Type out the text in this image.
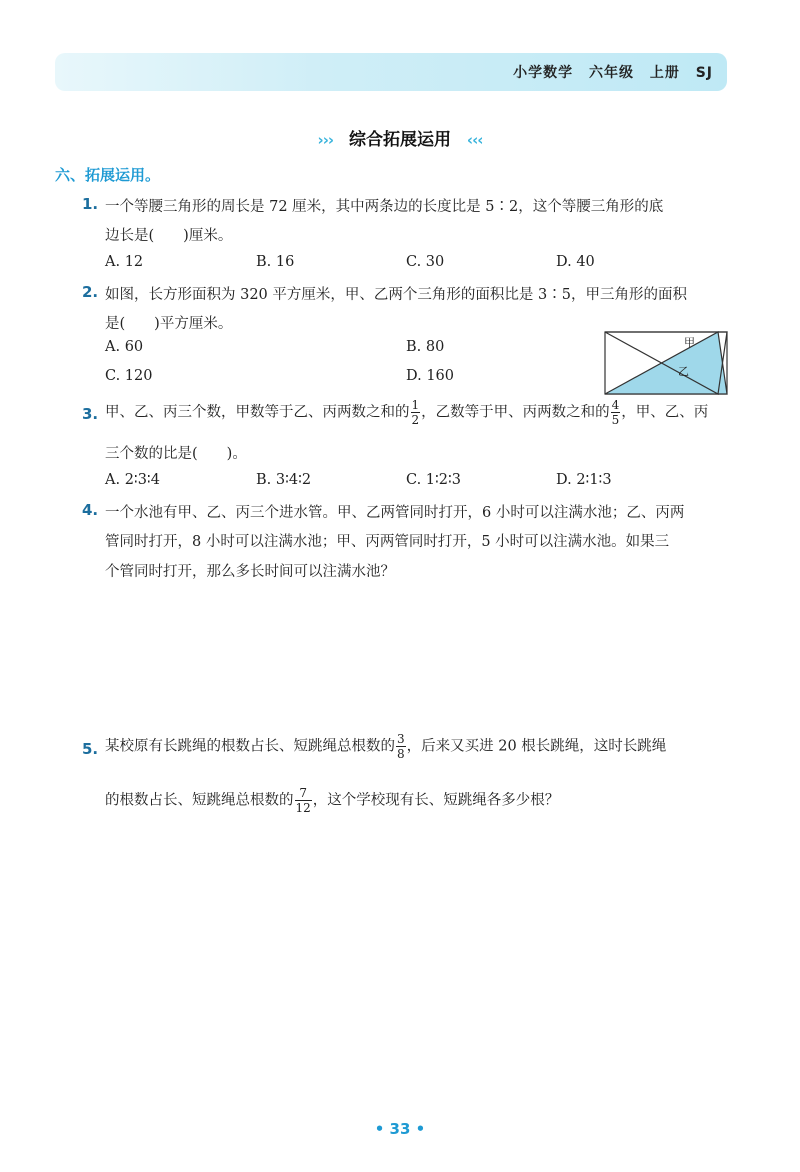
小学数学 六年级 上册 SJ
››› 综合拓展运用 ‹‹‹
六、拓展运用。
1. 一个等腰三角形的周长是 72 厘米，其中两条边的长度比是 5∶2，这个等腰三角形的底
边长是(　　)厘米。
A. 12	B. 16	C. 30	D. 40
2. 如图，长方形面积为 320 平方厘米，甲、乙两个三角形的面积比是 3∶5，甲三角形的面积
是(　　)平方厘米。
A. 60	B. 80
C. 120	D. 160
甲
乙
3. 甲、乙、丙三个数，甲数等于乙、丙两数之和的 $\frac{1}{2}$ ，乙数等于甲、丙两数之和的 $\frac{4}{5}$ ，甲、乙、丙
三个数的比是(　　)。
A. 2∶3∶4	B. 3∶4∶2	C. 1∶2∶3	D. 2∶1∶3
4. 一个水池有甲、乙、丙三个进水管。甲、乙两管同时打开，6 小时可以注满水池；乙、丙两
管同时打开，8 小时可以注满水池；甲、丙两管同时打开，5 小时可以注满水池。如果三
个管同时打开，那么多长时间可以注满水池？
5. 某校原有长跳绳的根数占长、短跳绳总根数的 $\frac{3}{8}$ ，后来又买进 20 根长跳绳，这时长跳绳
的根数占长、短跳绳总根数的 $\frac{7}{12}$ ，这个学校现有长、短跳绳各多少根？
• 33 •
